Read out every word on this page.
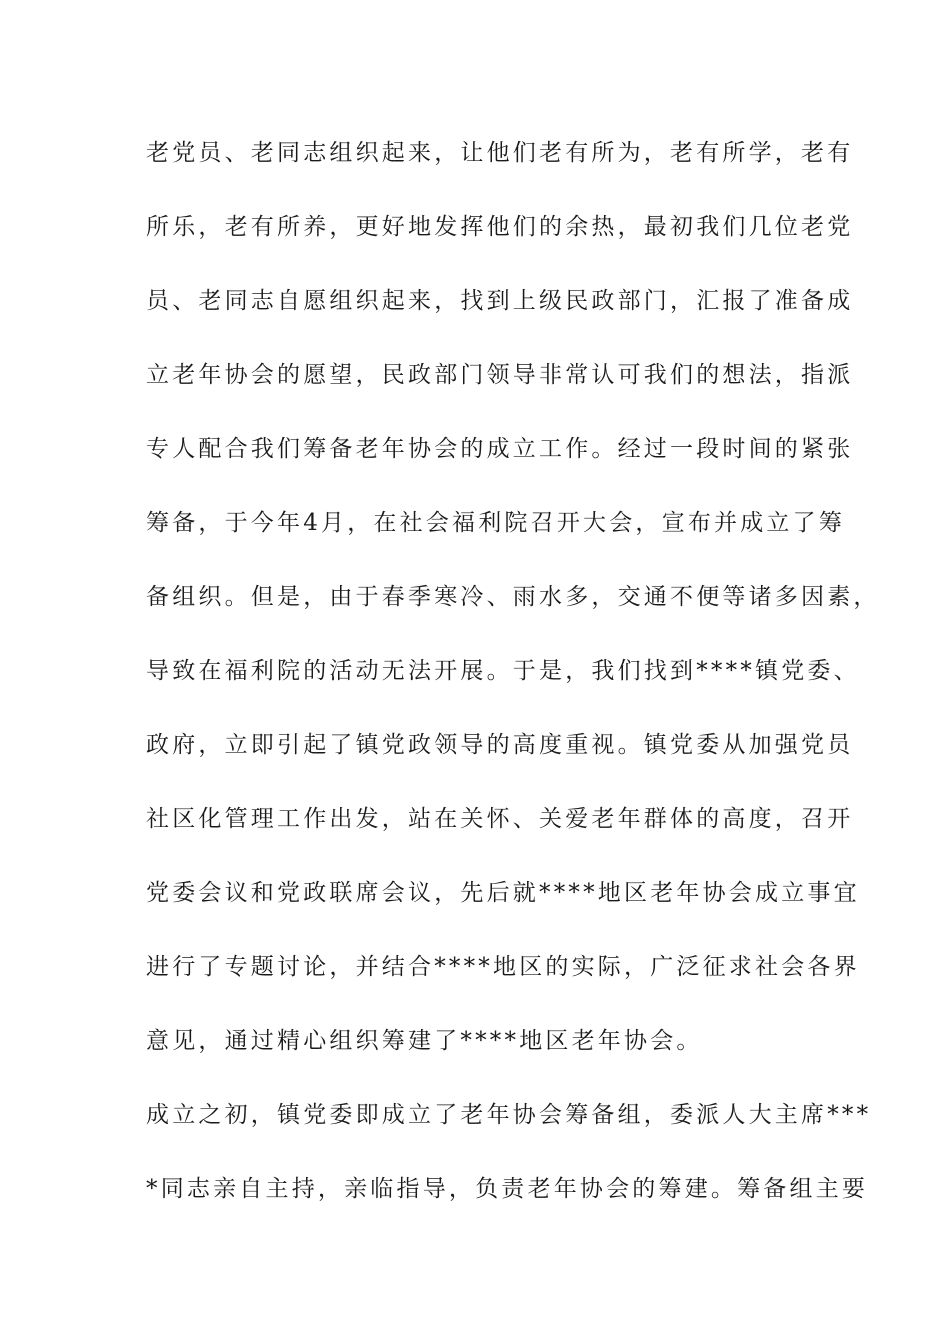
老党员、老同志组织起来，让他们老有所为，老有所学，老有
所乐，老有所养，更好地发挥他们的余热，最初我们几位老党
员、老同志自愿组织起来，找到上级民政部门，汇报了准备成
立老年协会的愿望，民政部门领导非常认可我们的想法，指派
专人配合我们筹备老年协会的成立工作。经过一段时间的紧张
筹备，于今年4月，在社会福利院召开大会，宣布并成立了筹
备组织。但是，由于春季寒冷、雨水多，交通不便等诸多因素，
导致在福利院的活动无法开展。于是，我们找到****镇党委、
政府，立即引起了镇党政领导的高度重视。镇党委从加强党员
社区化管理工作出发，站在关怀、关爱老年群体的高度，召开
党委会议和党政联席会议，先后就****地区老年协会成立事宜
进行了专题讨论，并结合****地区的实际，广泛征求社会各界
意见，通过精心组织筹建了****地区老年协会。
成立之初，镇党委即成立了老年协会筹备组，委派人大主席***
*同志亲自主持，亲临指导，负责老年协会的筹建。筹备组主要
